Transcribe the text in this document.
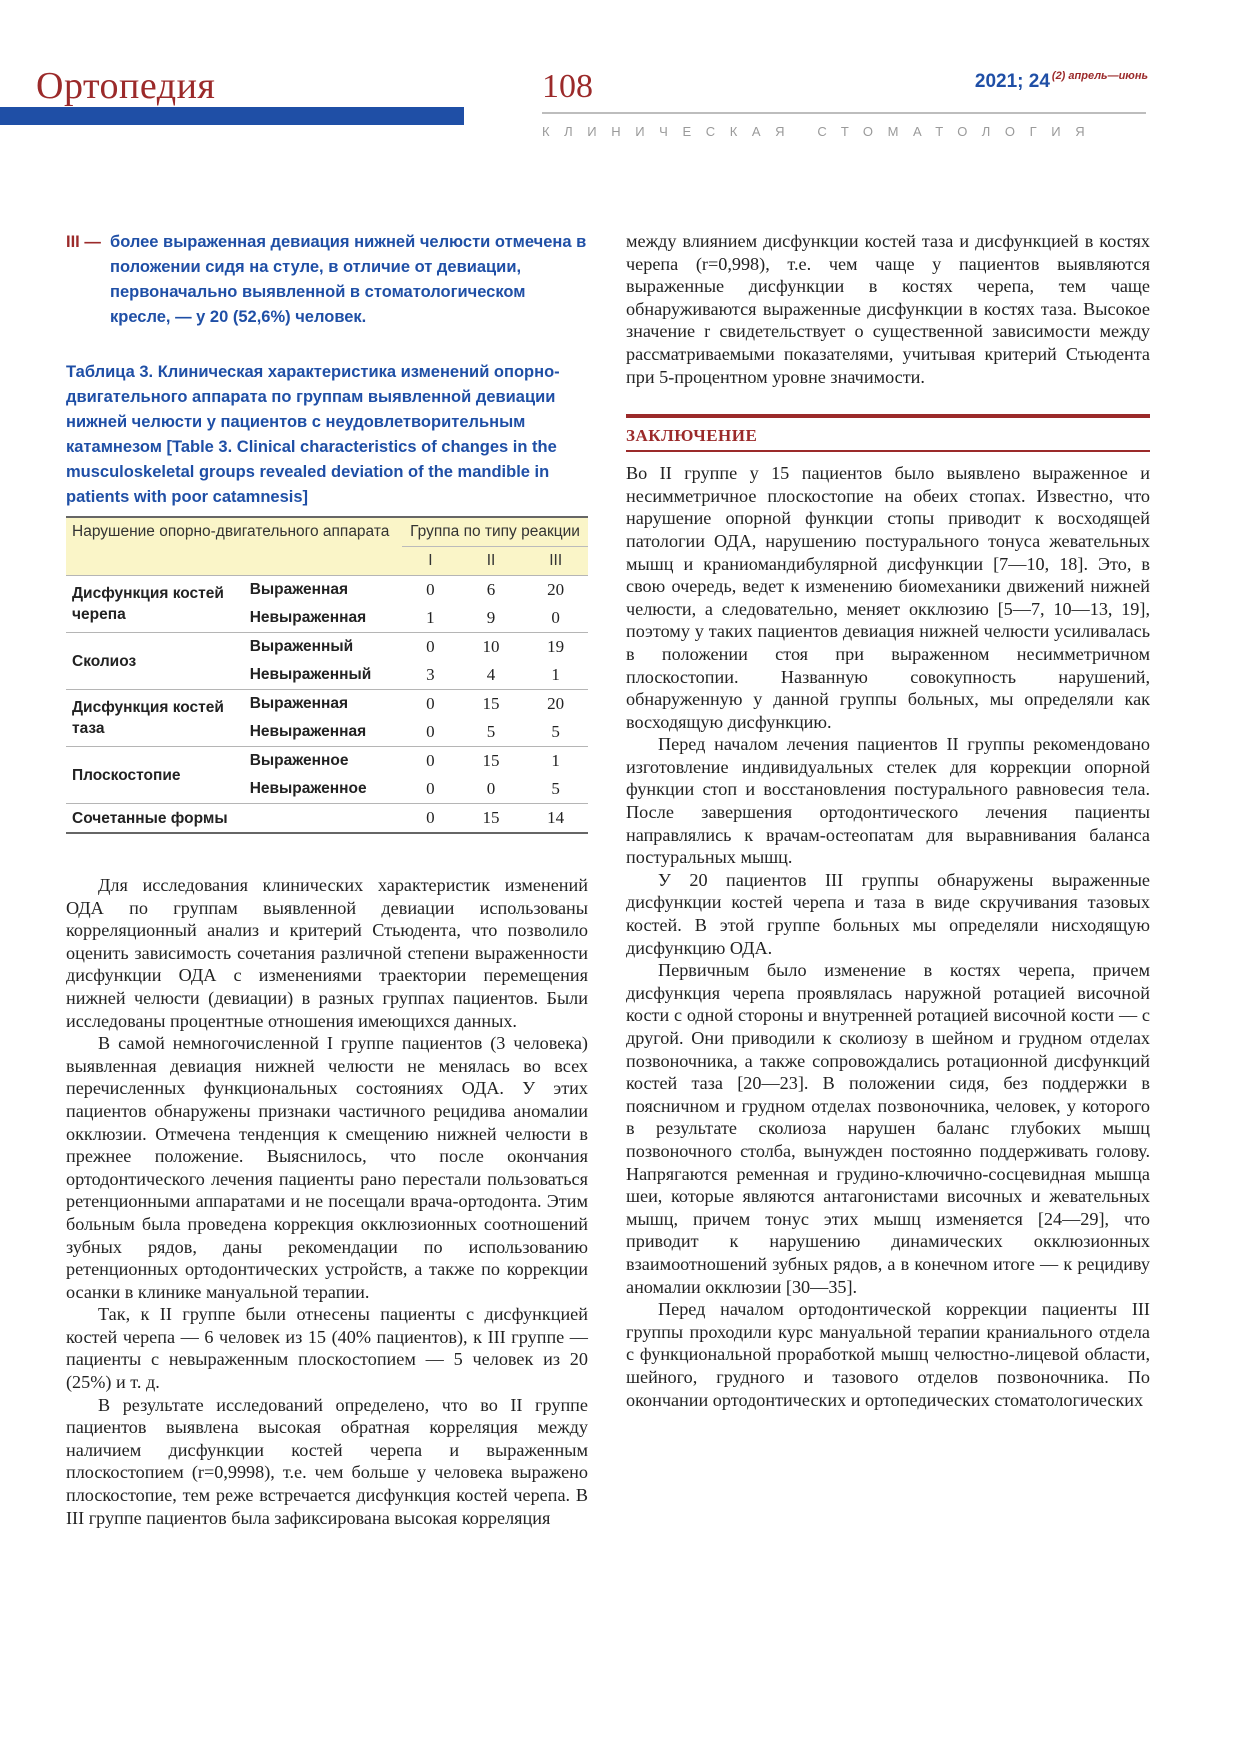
Ортопедия	108	2021; 24 $^{(2) апрель—июнь}$
КЛИНИЧЕСКАЯ СТОМАТОЛОГИЯ

III — более выраженная девиация нижней челюсти отмечена в положении сидя на стуле, в отличие от девиации, первоначально выявленной в стоматологическом кресле, — у 20 (52,6%) человек.

Таблица 3. Клиническая характеристика изменений опорно-двигательного аппарата по группам выявленной девиации нижней челюсти у пациентов с неудовлетворительным катамнезом [Table 3. Clinical characteristics of changes in the musculoskeletal groups revealed deviation of the mandible in patients with poor catamnesis]
Нарушение опорно-двигательного аппарата		Группа по типу реакции		
		I	II	III
Дисфункция костей черепа	Выраженная	0	6	20
	Невыраженная	1	9	0
Сколиоз	Выраженный	0	10	19
	Невыраженный	3	4	1
Дисфункция костей таза	Выраженная	0	15	20
	Невыраженная	0	5	5
Плоскостопие	Выраженное	0	15	1
	Невыраженное	0	0	5
Сочетанные формы		0	15	14

Для исследования клинических характеристик изменений ОДА по группам выявленной девиации использованы корреляционный анализ и критерий Стьюдента, что позволило оценить зависимость сочетания различной степени выраженности дисфункции ОДА с изменениями траектории перемещения нижней челюсти (девиации) в разных группах пациентов. Были исследованы процентные отношения имеющихся данных.

В самой немногочисленной I группе пациентов (3 человека) выявленная девиация нижней челюсти не менялась во всех перечисленных функциональных состояниях ОДА. У этих пациентов обнаружены признаки частичного рецидива аномалии окклюзии. Отмечена тенденция к смещению нижней челюсти в прежнее положение. Выяснилось, что после окончания ортодонтического лечения пациенты рано перестали пользоваться ретенционными аппаратами и не посещали врача-ортодонта. Этим больным была проведена коррекция окклюзионных соотношений зубных рядов, даны рекомендации по использованию ретенционных ортодонтических устройств, а также по коррекции осанки в клинике мануальной терапии.

Так, к II группе были отнесены пациенты с дисфункцией костей черепа — 6 человек из 15 (40% пациентов), к III группе — пациенты с невыраженным плоскостопием — 5 человек из 20 (25%) и т. д.

В результате исследований определено, что во II группе пациентов выявлена высокая обратная корреляция между наличием дисфункции костей черепа и выраженным плоскостопием (r=0,9998), т.е. чем больше у человека выражено плоскостопие, тем реже встречается дисфункция костей черепа. В III группе пациентов была зафиксирована высокая корреляция

между влиянием дисфункции костей таза и дисфункцией в костях черепа (r=0,998), т.е. чем чаще у пациентов выявляются выраженные дисфункции в костях черепа, тем чаще обнаруживаются выраженные дисфункции в костях таза. Высокое значение r свидетельствует о существенной зависимости между рассматриваемыми показателями, учитывая критерий Стьюдента при 5-процентном уровне значимости.

ЗАКЛЮЧЕНИЕ

Во II группе у 15 пациентов было выявлено выраженное и несимметричное плоскостопие на обеих стопах. Известно, что нарушение опорной функции стопы приводит к восходящей патологии ОДА, нарушению постурального тонуса жевательных мышц и краниомандибулярной дисфункции [7—10, 18]. Это, в свою очередь, ведет к изменению биомеханики движений нижней челюсти, а следовательно, меняет окклюзию [5—7, 10—13, 19], поэтому у таких пациентов девиация нижней челюсти усиливалась в положении стоя при выраженном несимметричном плоскостопии. Названную совокупность нарушений, обнаруженную у данной группы больных, мы определяли как восходящую дисфункцию.

Перед началом лечения пациентов II группы рекомендовано изготовление индивидуальных стелек для коррекции опорной функции стоп и восстановления постурального равновесия тела. После завершения ортодонтического лечения пациенты направлялись к врачам-остеопатам для выравнивания баланса постуральных мышц.

У 20 пациентов III группы обнаружены выраженные дисфункции костей черепа и таза в виде скручивания тазовых костей. В этой группе больных мы определяли нисходящую дисфункцию ОДА.

Первичным было изменение в костях черепа, причем дисфункция черепа проявлялась наружной ротацией височной кости с одной стороны и внутренней ротацией височной кости — с другой. Они приводили к сколиозу в шейном и грудном отделах позвоночника, а также сопровождались ротационной дисфункций костей таза [20—23]. В положении сидя, без поддержки в поясничном и грудном отделах позвоночника, человек, у которого в результате сколиоза нарушен баланс глубоких мышц позвоночного столба, вынужден постоянно поддерживать голову. Напрягаются ременная и грудино-ключично-сосцевидная мышца шеи, которые являются антагонистами височных и жевательных мышц, причем тонус этих мышц изменяется [24—29], что приводит к нарушению динамических окклюзионных взаимоотношений зубных рядов, а в конечном итоге — к рецидиву аномалии окклюзии [30—35].

Перед началом ортодонтической коррекции пациенты III группы проходили курс мануальной терапии краниального отдела с функциональной проработкой мышц челюстно-лицевой области, шейного, грудного и тазового отделов позвоночника. По окончании ортодонтических и ортопедических стоматологических
